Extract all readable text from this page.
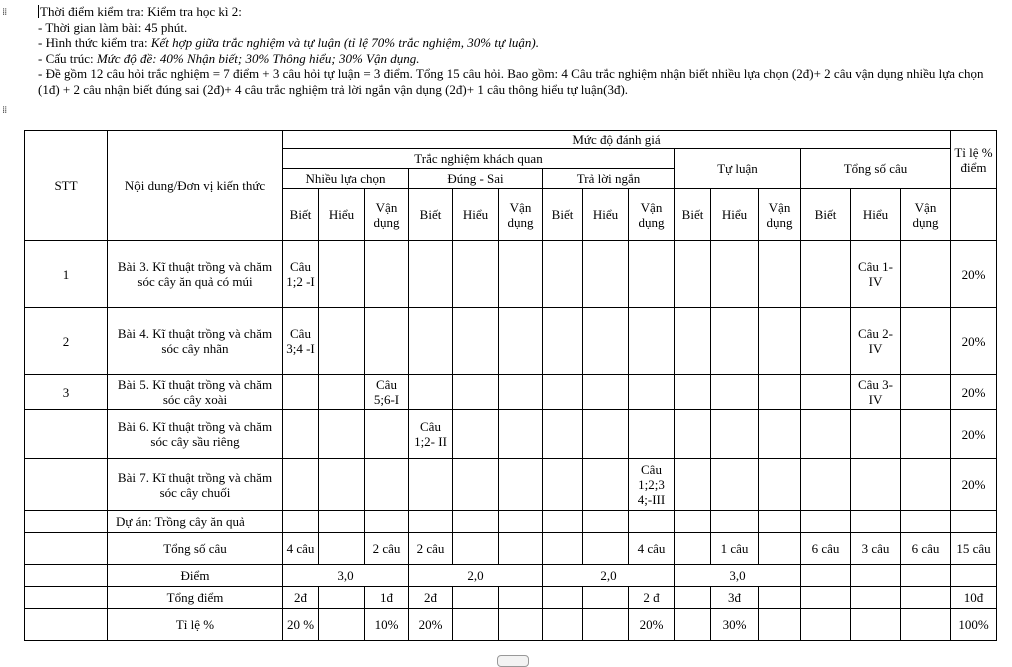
⁞⁞
⁞⁞

Thời điểm kiểm tra: Kiểm tra học kì 2:

- Thời gian làm bài: 45 phút.

- Hình thức kiểm tra: Kết hợp giữa trắc nghiệm và tự luận (tỉ lệ 70% trắc nghiệm, 30% tự luận).

- Cấu trúc: Mức độ đề: 40% Nhận biết; 30% Thông hiểu; 30% Vận dụng.

- Đề gồm 12 câu hỏi trắc nghiệm = 7 điểm + 3 câu hỏi tự luận = 3 điểm. Tổng 15 câu hỏi. Bao gồm: 4 Câu trắc nghiệm nhận biết nhiều lựa chọn (2đ)+ 2 câu vận dụng nhiều lựa chọn (1đ) + 2 câu nhận biết đúng sai (2đ)+ 4 câu trắc nghiệm trả lời ngắn vận dụng (2đ)+ 1 câu thông hiểu tự luận(3đ).

STT	Nội dung/Đơn vị kiến thức	Mức độ đánh giá															Tỉ lệ % điểm
		Trắc nghiệm khách quan									Tự luận			Tổng số câu			
		Nhiều lựa chọn			Đúng - Sai			Trả lời ngắn									
		Biết	Hiểu	Vận dụng	Biết	Hiểu	Vận dụng	Biết	Hiểu	Vận dụng	Biết	Hiểu	Vận dụng	Biết	Hiểu	Vận dụng	
1	Bài 3. Kĩ thuật trồng và chăm sóc cây ăn quả có múi	Câu 1;2 -I													Câu 1-IV		20%
2	Bài 4. Kĩ thuật trồng và chăm sóc cây nhãn	Câu 3;4 -I													Câu 2-IV		20%
3	Bài 5. Kĩ thuật trồng và chăm sóc cây xoài			Câu 5;6-I											Câu 3-IV		20%
	Bài 6. Kĩ thuật trồng và chăm sóc cây sầu riêng				Câu 1;2- II												20%
	Bài 7. Kĩ thuật trồng và chăm sóc cây chuối									Câu 1;2;3 4;-III							20%
	Dự án: Trồng cây ăn quả																
	Tổng số câu	4 câu		2 câu	2 câu					4 câu		1 câu		6 câu	3 câu	6 câu	15 câu
	Điểm	3,0			2,0			2,0			3,0						
	Tổng điểm	2đ		1đ	2đ					2 đ		3đ					10đ
	Tỉ lệ %	20 %		10%	20%					20%		30%					100%
